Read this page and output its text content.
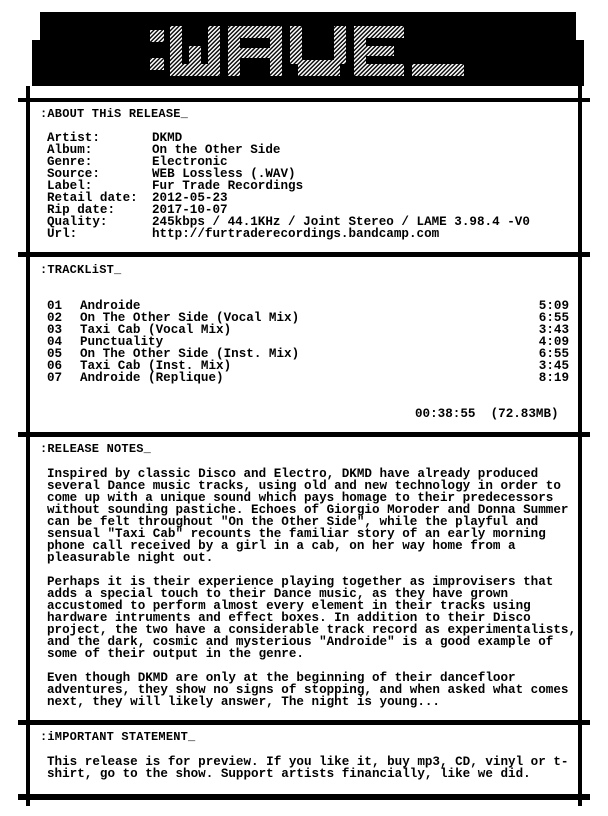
:ABOUT THiS RELEASE_
Artist:	DKMD
Album:	On the Other Side
Genre:	Electronic
Source:	WEB Lossless (.WAV)
Label:	Fur Trade Recordings
Retail date: 2012-05-23
Rip date:	2017-10-07
Quality:	245kbps / 44.1KHz / Joint Stereo / LAME 3.98.4 -V0
Url:	http://furtraderecordings.bandcamp.com
:TRACKLiST_
01 Androide	5:09
02 On The Other Side (Vocal Mix)	6:55
03 Taxi Cab (Vocal Mix)	3:43
04 Punctuality	4:09
05 On The Other Side (Inst. Mix)	6:55
06 Taxi Cab (Inst. Mix)	3:45
07 Androide (Replique)	8:19
00:38:55  (72.83MB)
:RELEASE NOTES_
Inspired by classic Disco and Electro, DKMD have already produced several Dance music tracks, using old and new technology in order to come up with a unique sound which pays homage to their predecessors without sounding pastiche. Echoes of Giorgio Moroder and Donna Summer can be felt throughout "On the Other Side", while the playful and sensual "Taxi Cab" recounts the familiar story of an early morning phone call received by a girl in a cab, on her way home from a pleasurable night out.
Perhaps it is their experience playing together as improvisers that adds a special touch to their Dance music, as they have grown accustomed to perform almost every element in their tracks using hardware intruments and effect boxes. In addition to their Disco project, the two have a considerable track record as experimentalists, and the dark, cosmic and mysterious "Androide" is a good example of some of their output in the genre.
Even though DKMD are only at the beginning of their dancefloor adventures, they show no signs of stopping, and when asked what comes next, they will likely answer, The night is young...
:iMPORTANT STATEMENT_
This release is for preview. If you like it, buy mp3, CD, vinyl or t-shirt, go to the show. Support artists financially, like we did.
